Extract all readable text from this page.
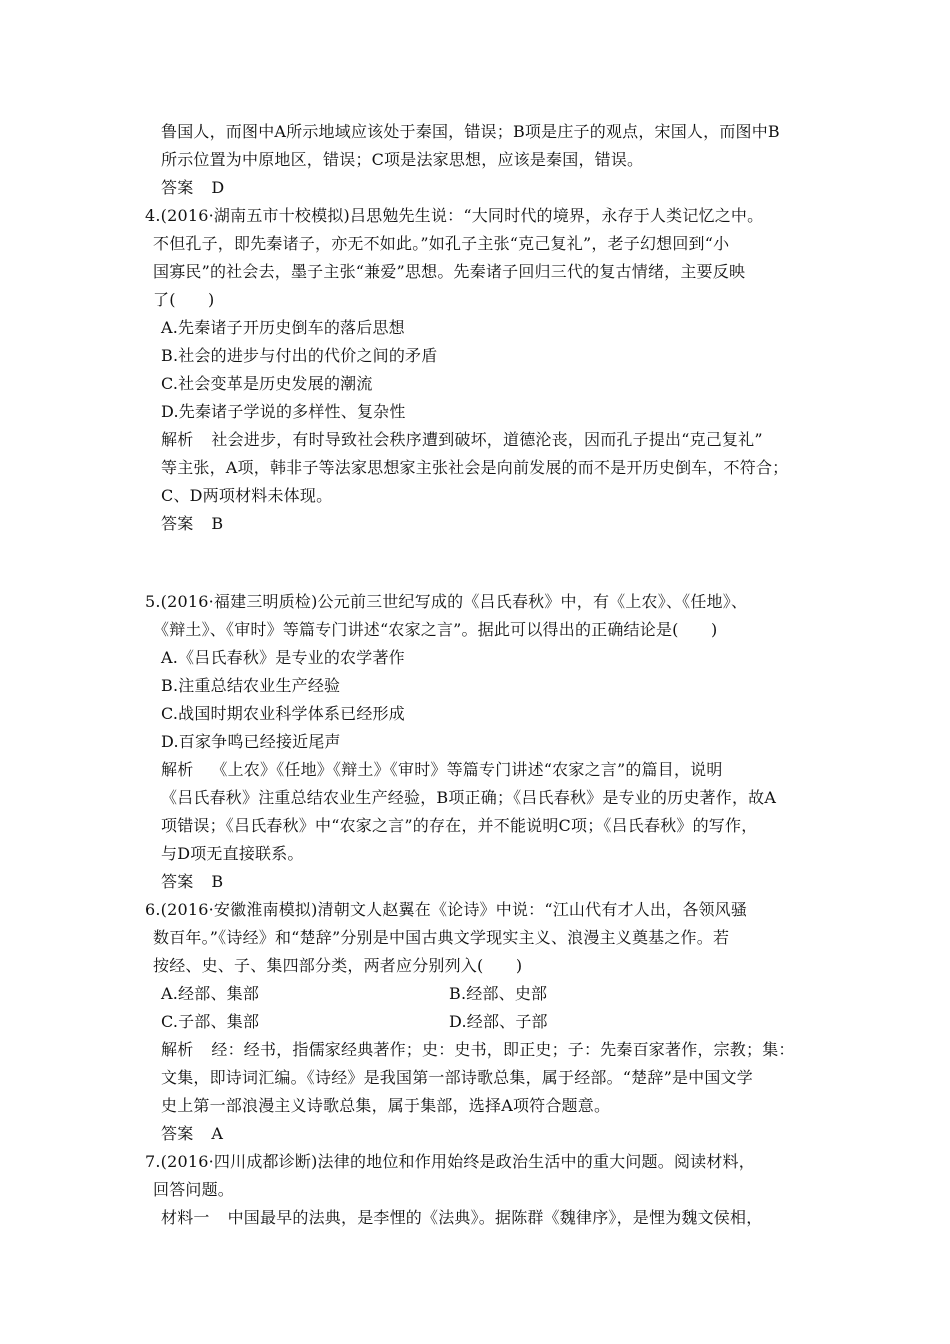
鲁国人，而图中A所示地域应该处于秦国，错误；B项是庄子的观点，宋国人，而图中B
所示位置为中原地区，错误；C项是法家思想，应该是秦国，错误。
答案 D
4.(2016·湖南五市十校模拟)吕思勉先生说：“大同时代的境界，永存于人类记忆之中。
不但孔子，即先秦诸子，亦无不如此。”如孔子主张“克己复礼”，老子幻想回到“小
国寡民”的社会去，墨子主张“兼爱”思想。先秦诸子回归三代的复古情绪，主要反映
了(　　)
A.先秦诸子开历史倒车的落后思想
B.社会的进步与付出的代价之间的矛盾
C.社会变革是历史发展的潮流
D.先秦诸子学说的多样性、复杂性
解析 社会进步，有时导致社会秩序遭到破坏，道德沦丧，因而孔子提出“克己复礼”
等主张，A项，韩非子等法家思想家主张社会是向前发展的而不是开历史倒车，不符合；
C、D两项材料未体现。
答案 B
5.(2016·福建三明质检)公元前三世纪写成的《吕氏春秋》中，有《上农》、《任地》、
《辩土》、《审时》等篇专门讲述“农家之言”。据此可以得出的正确结论是(　　)
A.《吕氏春秋》是专业的农学著作
B.注重总结农业生产经验
C.战国时期农业科学体系已经形成
D.百家争鸣已经接近尾声
解析 《上农》《任地》《辩土》《审时》等篇专门讲述“农家之言”的篇目，说明
《吕氏春秋》注重总结农业生产经验，B项正确；《吕氏春秋》是专业的历史著作，故A
项错误；《吕氏春秋》中“农家之言”的存在，并不能说明C项；《吕氏春秋》的写作，
与D项无直接联系。
答案 B
6.(2016·安徽淮南模拟)清朝文人赵翼在《论诗》中说：“江山代有才人出，各领风骚
数百年。”《诗经》和“楚辞”分别是中国古典文学现实主义、浪漫主义奠基之作。若
按经、史、子、集四部分类，两者应分别列入(　　)
A.经部、集部	B.经部、史部
C.子部、集部	D.经部、子部
解析 经：经书，指儒家经典著作；史：史书，即正史；子：先秦百家著作，宗教；集：
文集，即诗词汇编。《诗经》是我国第一部诗歌总集，属于经部。“楚辞”是中国文学
史上第一部浪漫主义诗歌总集，属于集部，选择A项符合题意。
答案 A
7.(2016·四川成都诊断)法律的地位和作用始终是政治生活中的重大问题。阅读材料，
回答问题。
材料一 中国最早的法典，是李悝的《法典》。据陈群《魏律序》，是悝为魏文侯相，
